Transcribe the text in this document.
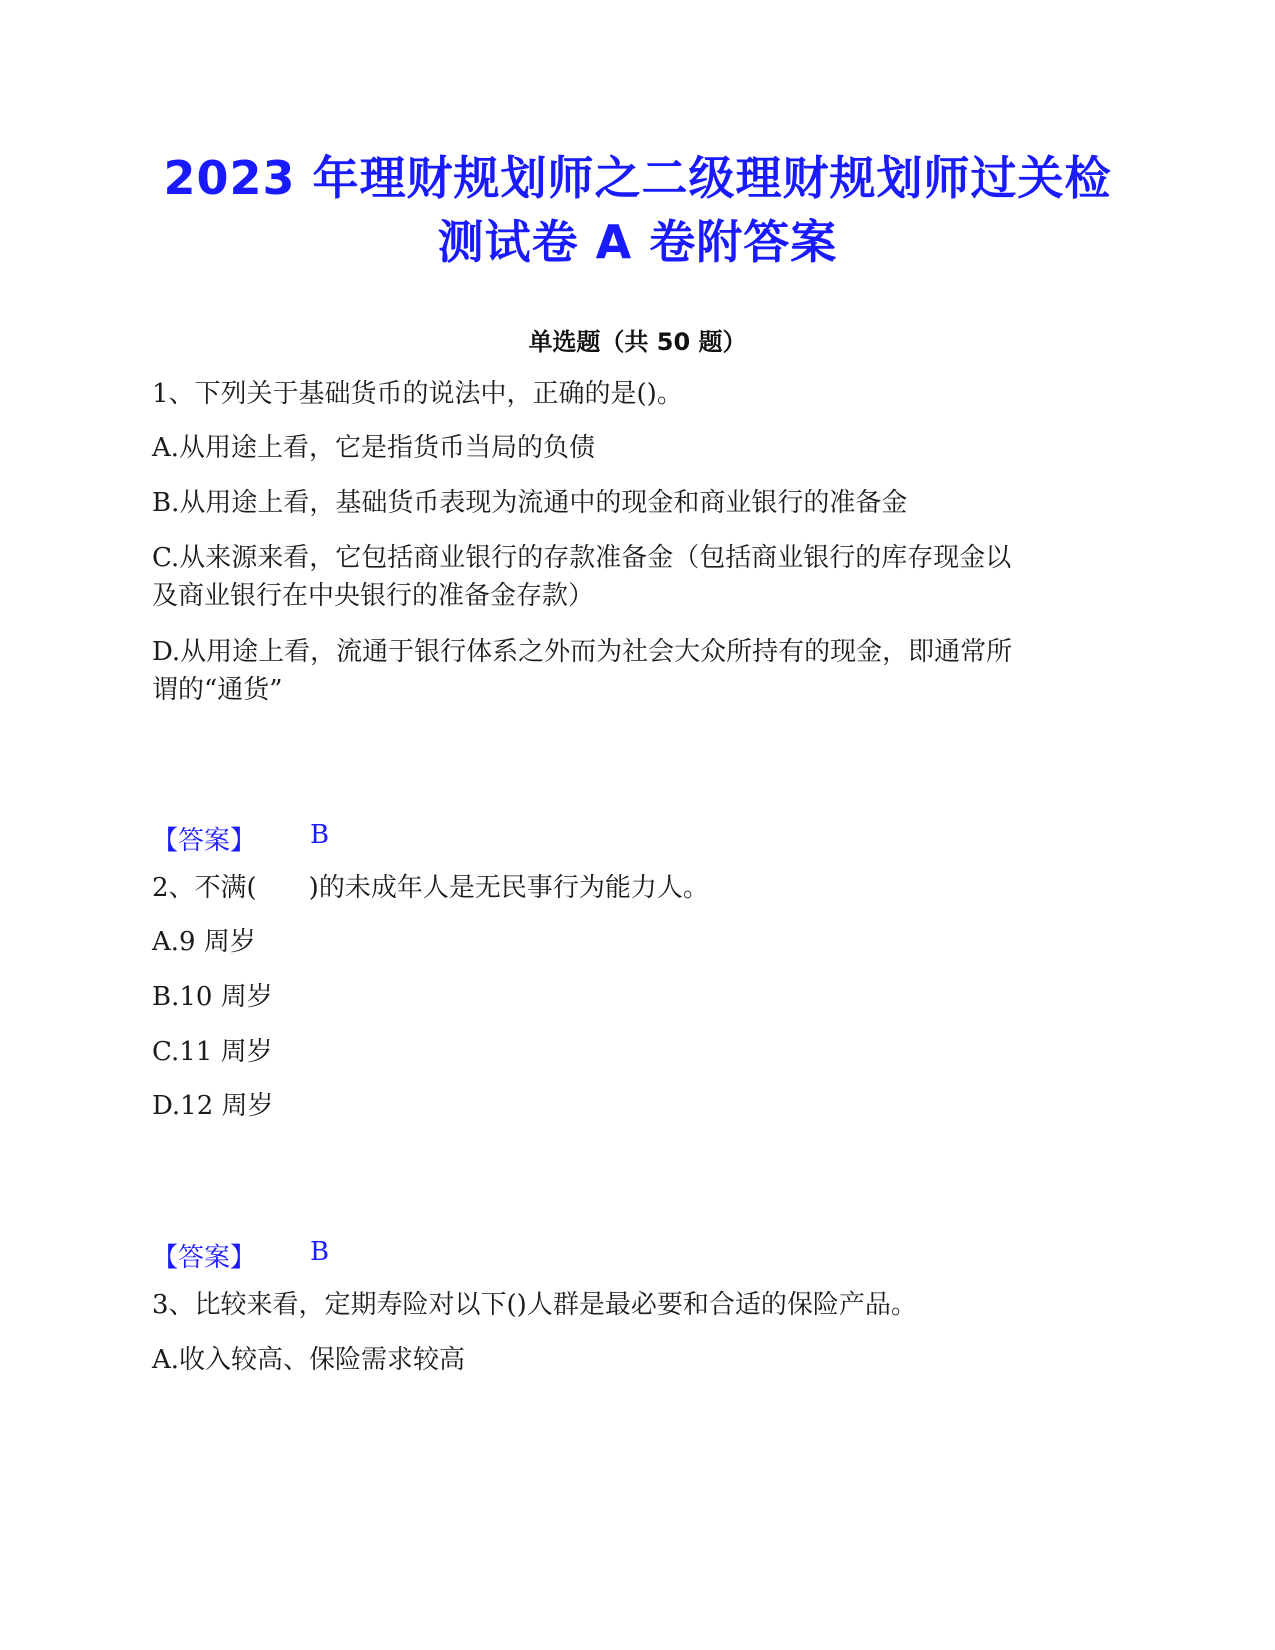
2023 年理财规划师之二级理财规划师过关检
测试卷 A 卷附答案
单选题（共 50 题）
1、下列关于基础货币的说法中，正确的是()。
A.从用途上看，它是指货币当局的负债
B.从用途上看，基础货币表现为流通中的现金和商业银行的准备金
C.从来源来看，它包括商业银行的存款准备金（包括商业银行的库存现金以
及商业银行在中央银行的准备金存款）
D.从用途上看，流通于银行体系之外而为社会大众所持有的现金，即通常所
谓的“通货”
【答案】 B
2、不满(　　)的未成年人是无民事行为能力人。
A.9 周岁
B.10 周岁
C.11 周岁
D.12 周岁
【答案】 B
3、比较来看，定期寿险对以下()人群是最必要和合适的保险产品。
A.收入较高、保险需求较高
